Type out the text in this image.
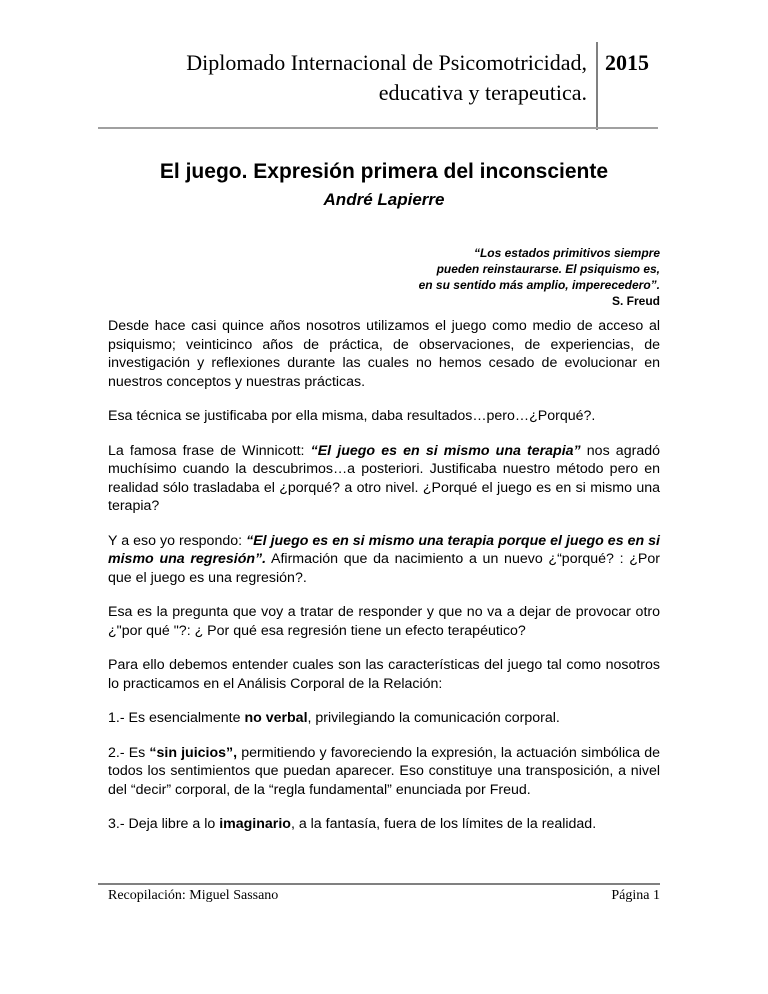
Diplomado Internacional de Psicomotricidad,
educativa y terapeutica.
2015
El juego. Expresión primera del inconsciente
André Lapierre
“Los estados primitivos siempre
pueden reinstaurarse. El psiquismo es,
en su sentido más amplio, imperecedero”.
S. Freud

Desde hace casi quince años nosotros utilizamos el juego como medio de acceso al psiquismo; veinticinco años de práctica, de observaciones, de experiencias, de investigación y reflexiones durante las cuales no hemos cesado de evolucionar en nuestros conceptos y nuestras prácticas.

Esa técnica se justificaba por ella misma, daba resultados…pero…¿Porqué?.

La famosa frase de Winnicott: “El juego es en si mismo una terapia” nos agradó muchísimo cuando la descubrimos…a posteriori. Justificaba nuestro método pero en realidad sólo trasladaba el ¿porqué? a otro nivel. ¿Porqué el juego es en si mismo una terapia?

Y a eso yo respondo: “El juego es en si mismo una terapia porque el juego es en si mismo una regresión”. Afirmación que da nacimiento a un nuevo ¿“porqué? : ¿Por que el juego es una regresión?.

Esa es la pregunta que voy a tratar de responder y que no va a dejar de provocar otro ¿"por qué "?: ¿ Por qué esa regresión tiene un efecto terapéutico?

Para ello debemos entender cuales son las características del juego tal como nosotros lo practicamos en el Análisis Corporal de la Relación:

1.- Es esencialmente no verbal, privilegiando la comunicación corporal.

2.- Es “sin juicios”, permitiendo y favoreciendo la expresión, la actuación simbólica de todos los sentimientos que puedan aparecer. Eso constituye una transposición, a nivel del “decir” corporal, de la “regla fundamental” enunciada por Freud.

3.- Deja libre a lo imaginario, a la fantasía, fuera de los límites de la realidad.

Recopilación: Miguel Sassano	Página 1
